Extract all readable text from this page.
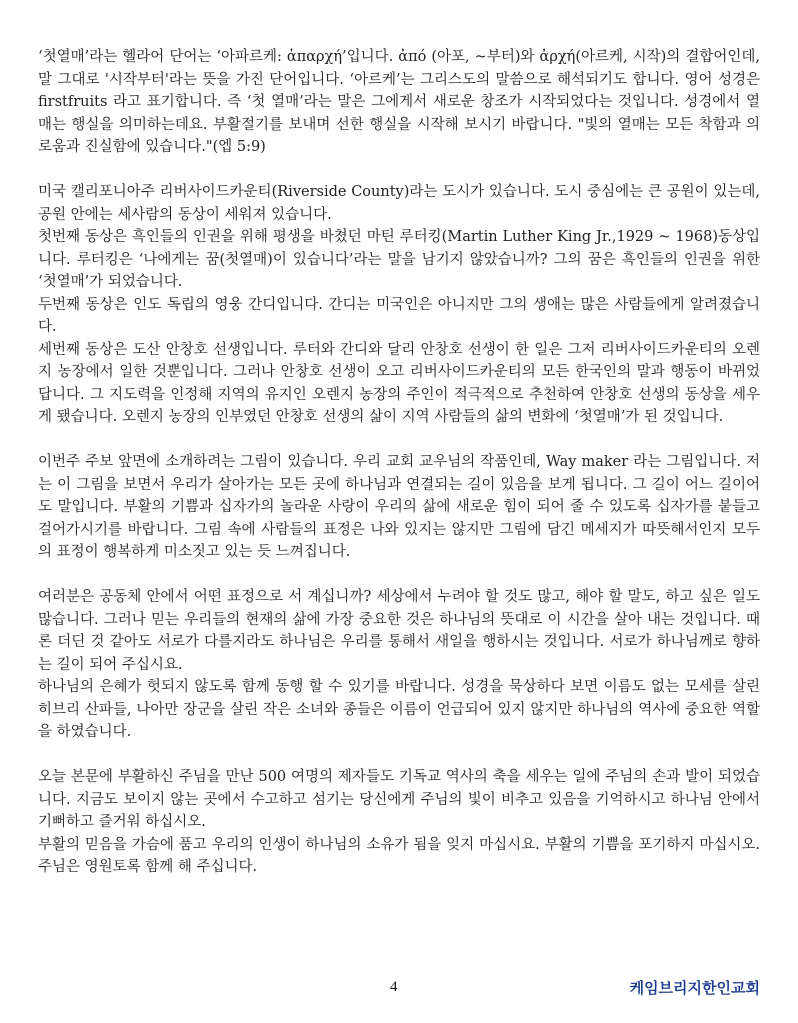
‘첫열매’라는 헬라어 단어는 ‘아파르케: ἀπαρχή’입니다. ἀπό (아포, ~부터)와 ἀρχή(아르케, 시작)의 결합어인데, 말 그대로 '시작부터'라는 뜻을 가진 단어입니다. ‘아르케’는 그리스도의 말씀으로 해석되기도 합니다. 영어 성경은 firstfruits 라고 표기합니다. 즉 ‘첫 열매’라는 말은 그에게서 새로운 창조가 시작되었다는 것입니다. 성경에서 열매는 행실을 의미하는데요. 부활절기를 보내며 선한 행실을 시작해 보시기 바랍니다. "빛의 열매는 모든 착함과 의로움과 진실함에 있습니다."(엡 5:9)

미국 캘리포니아주 리버사이드카운티(Riverside County)라는 도시가 있습니다. 도시 중심에는 큰 공원이 있는데, 공원 안에는 세사람의 동상이 세워져 있습니다.

첫번째 동상은 흑인들의 인권을 위해 평생을 바쳤던 마틴 루터킹(Martin Luther King Jr.,1929 ~ 1968)동상입니다. 루터킹은 ‘나에게는 꿈(첫열매)이 있습니다’라는 말을 남기지 않았습니까? 그의 꿈은 흑인들의 인권을 위한 ‘첫열매’가 되었습니다.

두번째 동상은 인도 독립의 영웅 간디입니다. 간디는 미국인은 아니지만 그의 생애는 많은 사람들에게 알려졌습니다.

세번째 동상은 도산 안창호 선생입니다. 루터와 간디와 달리 안창호 선생이 한 일은 그저 리버사이드카운티의 오렌지 농장에서 일한 것뿐입니다. 그러나 안창호 선생이 오고 리버사이드카운티의 모든 한국인의 말과 행동이 바뀌었답니다. 그 지도력을 인정해 지역의 유지인 오렌지 농장의 주인이 적극적으로 추천하여 안창호 선생의 동상을 세우게 됐습니다. 오렌지 농장의 인부였던 안창호 선생의 삶이 지역 사람들의 삶의 변화에 ‘첫열매’가 된 것입니다.

이번주 주보 앞면에 소개하려는 그림이 있습니다. 우리 교회 교우님의 작품인데, Way maker 라는 그림입니다. 저는 이 그림을 보면서 우리가 살아가는 모든 곳에 하나님과 연결되는 길이 있음을 보게 됩니다. 그 길이 어느 길이어도 말입니다. 부활의 기쁨과 십자가의 놀라운 사랑이 우리의 삶에 새로운 힘이 되어 줄 수 있도록 십자가를 붙들고 걸어가시기를 바랍니다. 그림 속에 사람들의 표정은 나와 있지는 않지만 그림에 담긴 메세지가 따뜻해서인지 모두의 표정이 행복하게 미소짓고 있는 듯 느껴집니다.

여러분은 공동체 안에서 어떤 표정으로 서 계십니까? 세상에서 누려야 할 것도 많고, 해야 할 말도, 하고 싶은 일도 많습니다. 그러나 믿는 우리들의 현재의 삶에 가장 중요한 것은 하나님의 뜻대로 이 시간을 살아 내는 것입니다. 때론 더딘 것 같아도 서로가 다를지라도 하나님은 우리를 통해서 새일을 행하시는 것입니다. 서로가 하나님께로 향하는 길이 되어 주십시요.

하나님의 은혜가 헛되지 않도록 함께 동행 할 수 있기를 바랍니다. 성경을 묵상하다 보면 이름도 없는 모세를 살린 히브리 산파들, 나아만 장군을 살린 작은 소녀와 종들은 이름이 언급되어 있지 않지만 하나님의 역사에 중요한 역할을 하였습니다.

오늘 본문에 부활하신 주님을 만난 500 여명의 제자들도 기독교 역사의 축을 세우는 일에 주님의 손과 발이 되었습니다. 지금도 보이지 않는 곳에서 수고하고 섬기는 당신에게 주님의 빛이 비추고 있음을 기억하시고 하나님 안에서 기뻐하고 즐거워 하십시오.

부활의 믿음을 가슴에 품고 우리의 인생이 하나님의 소유가 됨을 잊지 마십시요. 부활의 기쁨을 포기하지 마십시오. 주님은 영원토록 함께 해 주십니다.

4	케임브리지한인교회
